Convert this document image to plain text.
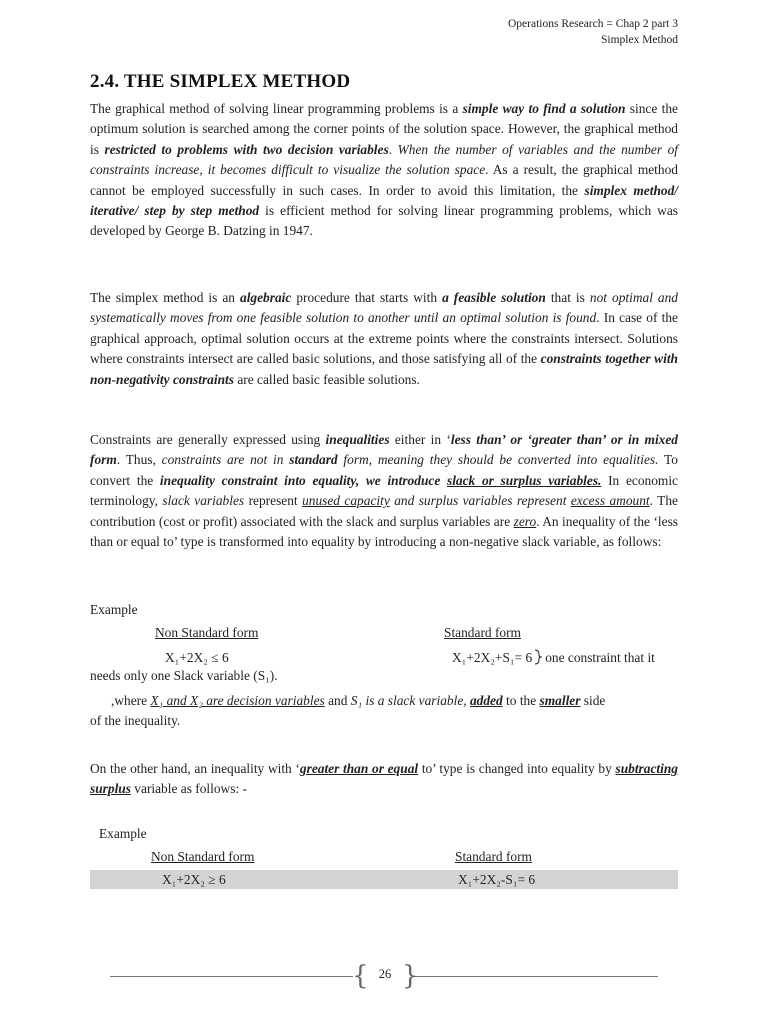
Operations Research = Chap 2 part 3
Simplex Method
2.4. THE SIMPLEX METHOD
The graphical method of solving linear programming problems is a simple way to find a solution since the optimum solution is searched among the corner points of the solution space. However, the graphical method is restricted to problems with two decision variables. When the number of variables and the number of constraints increase, it becomes difficult to visualize the solution space. As a result, the graphical method cannot be employed successfully in such cases. In order to avoid this limitation, the simplex method/ iterative/ step by step method is efficient method for solving linear programming problems, which was developed by George B. Datzing in 1947.
The simplex method is an algebraic procedure that starts with a feasible solution that is not optimal and systematically moves from one feasible solution to another until an optimal solution is found. In case of the graphical approach, optimal solution occurs at the extreme points where the constraints intersect. Solutions where constraints intersect are called basic solutions, and those satisfying all of the constraints together with non-negativity constraints are called basic feasible solutions.
Constraints are generally expressed using inequalities either in ‘less than’ or ‘greater than’ or in mixed form. Thus, constraints are not in standard form, meaning they should be converted into equalities. To convert the inequality constraint into equality, we introduce slack or surplus variables. In economic terminology, slack variables represent unused capacity and surplus variables represent excess amount. The contribution (cost or profit) associated with the slack and surplus variables are zero. An inequality of the ‘less than or equal to’ type is transformed into equality by introducing a non-negative slack variable, as follows:
Example
Non Standard form	Standard form
X₁+2X₂ ≤ 6	X₁+2X₂+S₁= 6 one constraint that it
needs only one Slack variable (S₁).
,where X₁ and X₂ are decision variables and S₁ is a slack variable, added to the smaller side
of the inequality.
On the other hand, an inequality with ‘greater than or equal to’ type is changed into equality by subtracting surplus variable as follows: -
Example
Non Standard form	Standard form
X₁+2X₂ ≥ 6	X₁+2X₂-S₁= 6
{ }
26
